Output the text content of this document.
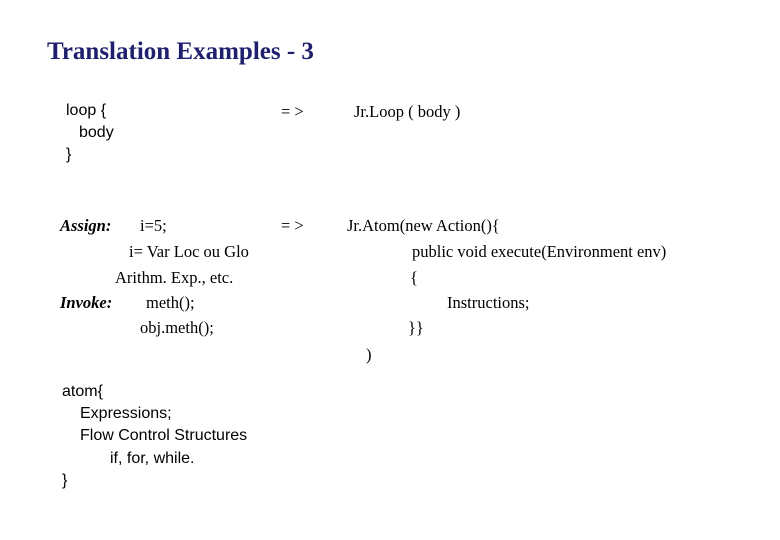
Translation Examples - 3
loop {
body
}
= >	Jr.Loop ( body )
Assign: i=5;
i= Var Loc ou Glo
Arithm. Exp., etc.
Invoke: meth();
obj.meth();
= >	Jr.Atom(new Action(){
public void execute(Environment env)
{
Instructions;
}}
)
atom{
Expressions;
Flow Control Structures
if, for, while.
}
